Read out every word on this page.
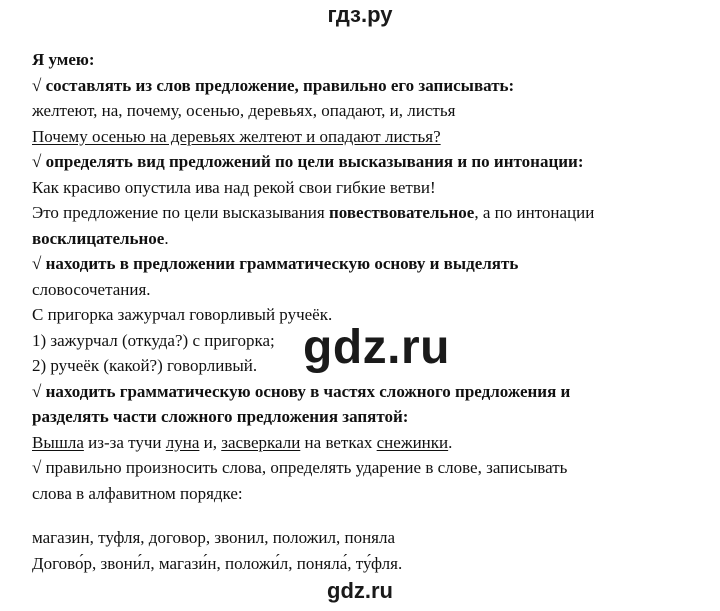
гдз.ру
Я умею:
√ составлять из слов предложение, правильно его записывать:
желтеют, на, почему, осенью, деревьях, опадают, и, листья
Почему осенью на деревьях желтеют и опадают листья?
√ определять вид предложений по цели высказывания и по интонации:
Как красиво опустила ива над рекой свои гибкие ветви!
Это предложение по цели высказывания повествовательное, а по интонации
восклицательное.
√ находить в предложении грамматическую основу и выделять
словосочетания.
С пригорка зажурчал говорливый ручеёк.
1) зажурчал (откуда?) с пригорка;
2) ручеёк (какой?) говорливый.
√ находить грамматическую основу в частях сложного предложения и
разделять части сложного предложения запятой:
Вышла из-за тучи луна и, засверкали на ветках снежинки.
√ правильно произносить слова, определять ударение в слове, записывать
слова в алфавитном порядке:
магазин, туфля, договор, звонил, положил, поняла
Догово́р, звони́л, магази́н, положи́л, поняла́, ту́фля.
gdz.ru
gdz.ru
